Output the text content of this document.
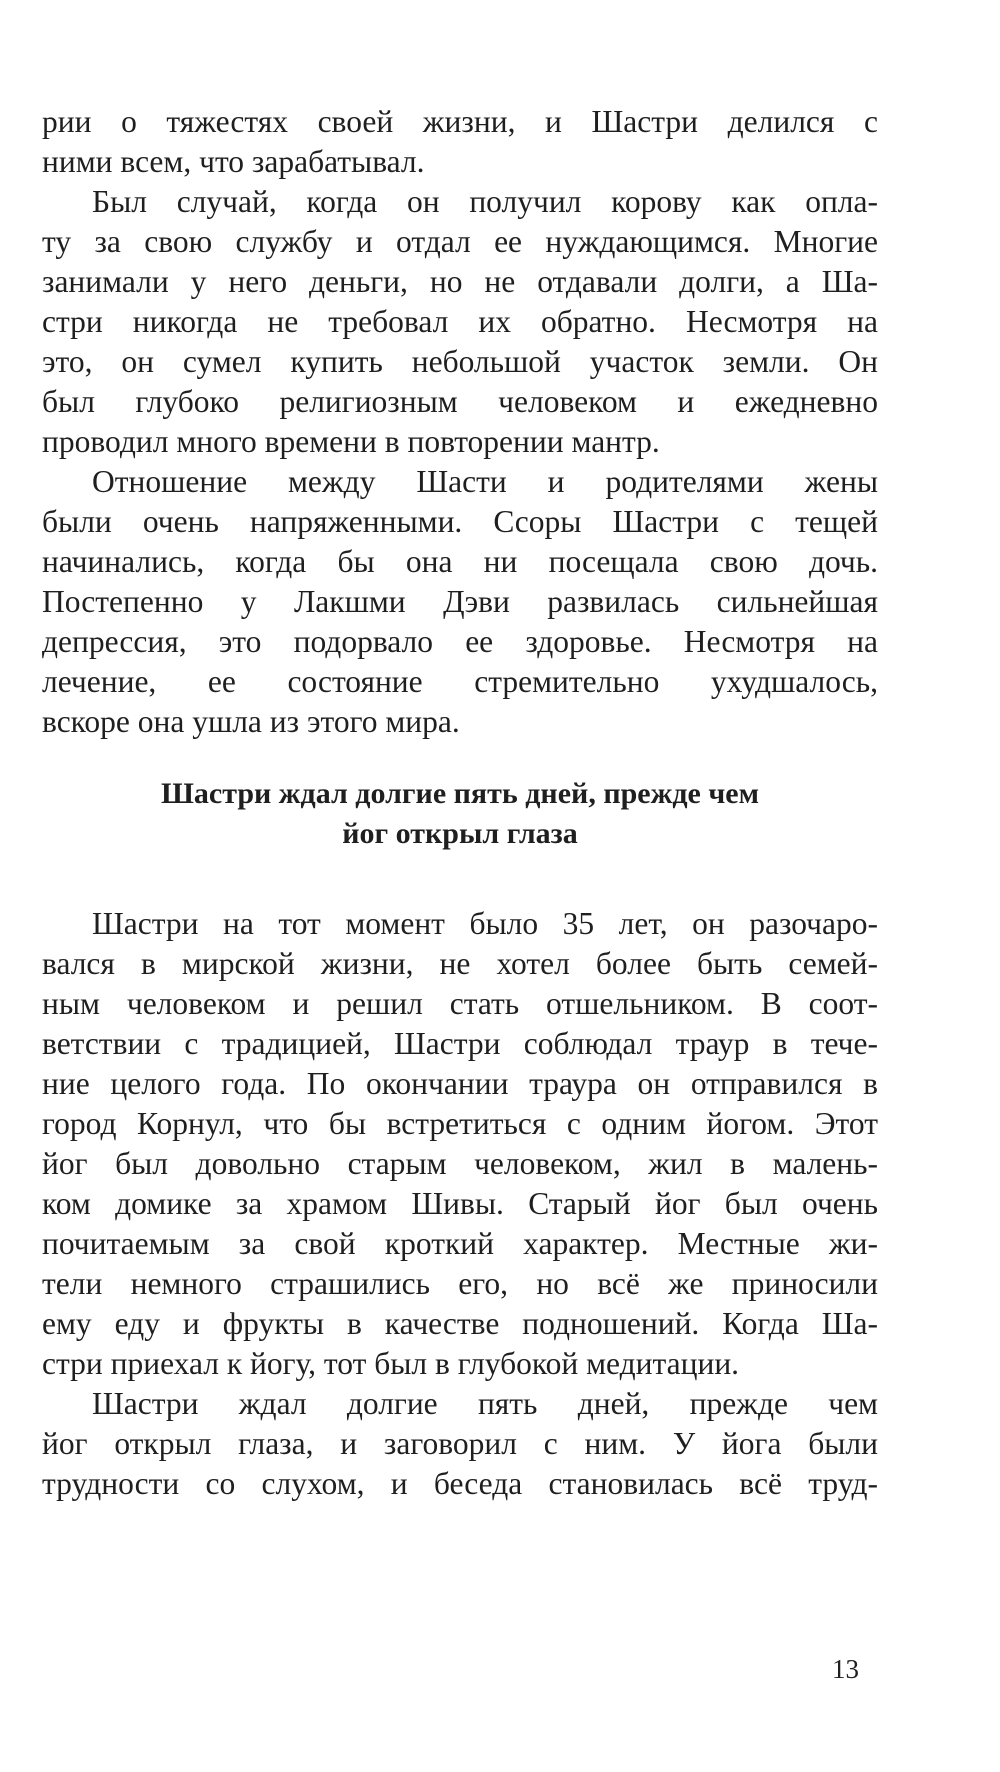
рии о тяжестях своей жизни, и Шастри делился с
ними всем, что зарабатывал.
Был случай, когда он получил корову как опла-
ту за свою службу и отдал ее нуждающимся. Многие
занимали у него деньги, но не отдавали долги, а Ша-
стри никогда не требовал их обратно. Несмотря на
это, он сумел купить небольшой участок земли. Он
был глубоко религиозным человеком и ежедневно
проводил много времени в повторении мантр.
Отношение между Шасти и родителями жены
были очень напряженными. Ссоры Шастри с тещей
начинались, когда бы она ни посещала свою дочь.
Постепенно у Лакшми Дэви развилась сильнейшая
депрессия, это подорвало ее здоровье. Несмотря на
лечение, ее состояние стремительно ухудшалось,
вскоре она ушла из этого мира.
Шастри ждал долгие пять дней, прежде чем
йог открыл глаза
Шастри на тот момент было 35 лет, он разочаро-
вался в мирской жизни, не хотел более быть семей-
ным человеком и решил стать отшельником. В соот-
ветствии с традицией, Шастри соблюдал траур в тече-
ние целого года. По окончании траура он отправился в
город Корнул, что бы встретиться с одним йогом. Этот
йог был довольно старым человеком, жил в малень-
ком домике за храмом Шивы. Старый йог был очень
почитаемым за свой кроткий характер. Местные жи-
тели немного страшились его, но всё же приносили
ему еду и фрукты в качестве подношений. Когда Ша-
стри приехал к йогу, тот был в глубокой медитации.
Шастри ждал долгие пять дней, прежде чем
йог открыл глаза, и заговорил с ним. У йога были
трудности со слухом, и беседа становилась всё труд-
13
